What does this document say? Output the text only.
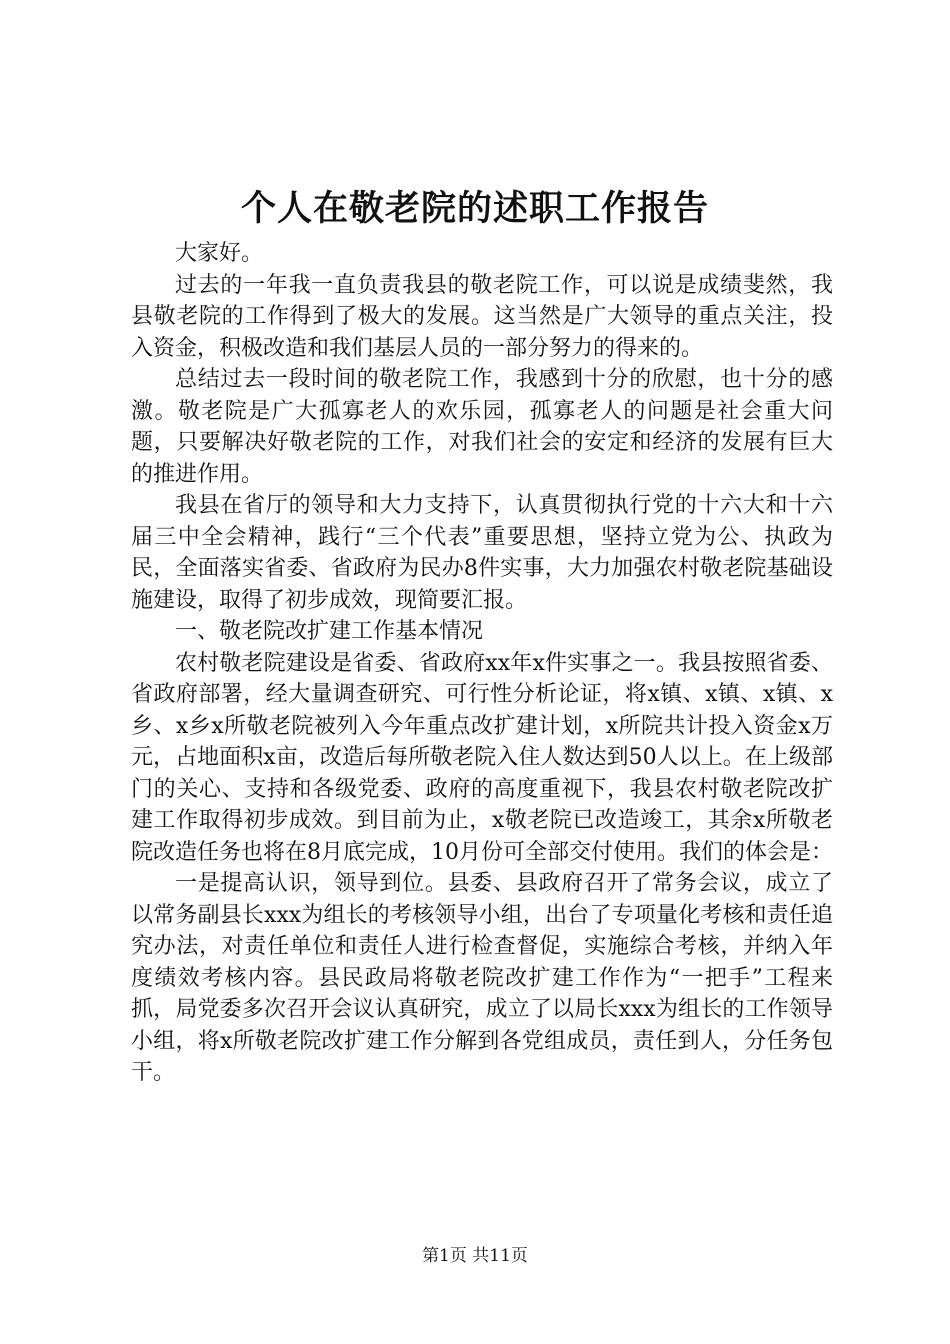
个人在敬老院的述职工作报告

大家好。

过去的一年我一直负责我县的敬老院工作，可以说是成绩斐然，我县敬老院的工作得到了极大的发展。这当然是广大领导的重点关注，投入资金，积极改造和我们基层人员的一部分努力的得来的。

总结过去一段时间的敬老院工作，我感到十分的欣慰，也十分的感激。敬老院是广大孤寡老人的欢乐园，孤寡老人的问题是社会重大问题，只要解决好敬老院的工作，对我们社会的安定和经济的发展有巨大的推进作用。

我县在省厅的领导和大力支持下，认真贯彻执行党的十六大和十六届三中全会精神，践行“三个代表”重要思想，坚持立党为公、执政为民，全面落实省委、省政府为民办8件实事，大力加强农村敬老院基础设施建设，取得了初步成效，现简要汇报。

一、敬老院改扩建工作基本情况

农村敬老院建设是省委、省政府xx年x件实事之一。我县按照省委、省政府部署，经大量调查研究、可行性分析论证，将x镇、x镇、x镇、x乡、x乡x所敬老院被列入今年重点改扩建计划，x所院共计投入资金x万元，占地面积x亩，改造后每所敬老院入住人数达到50人以上。在上级部门的关心、支持和各级党委、政府的高度重视下，我县农村敬老院改扩建工作取得初步成效。到目前为止，x敬老院已改造竣工，其余x所敬老院改造任务也将在8月底完成，10月份可全部交付使用。我们的体会是：

一是提高认识，领导到位。县委、县政府召开了常务会议，成立了以常务副县长xxx为组长的考核领导小组，出台了专项量化考核和责任追究办法，对责任单位和责任人进行检查督促，实施综合考核，并纳入年度绩效考核内容。县民政局将敬老院改扩建工作作为“一把手”工程来抓，局党委多次召开会议认真研究，成立了以局长xxx为组长的工作领导小组，将x所敬老院改扩建工作分解到各党组成员，责任到人，分任务包干。

第1页 共11页
